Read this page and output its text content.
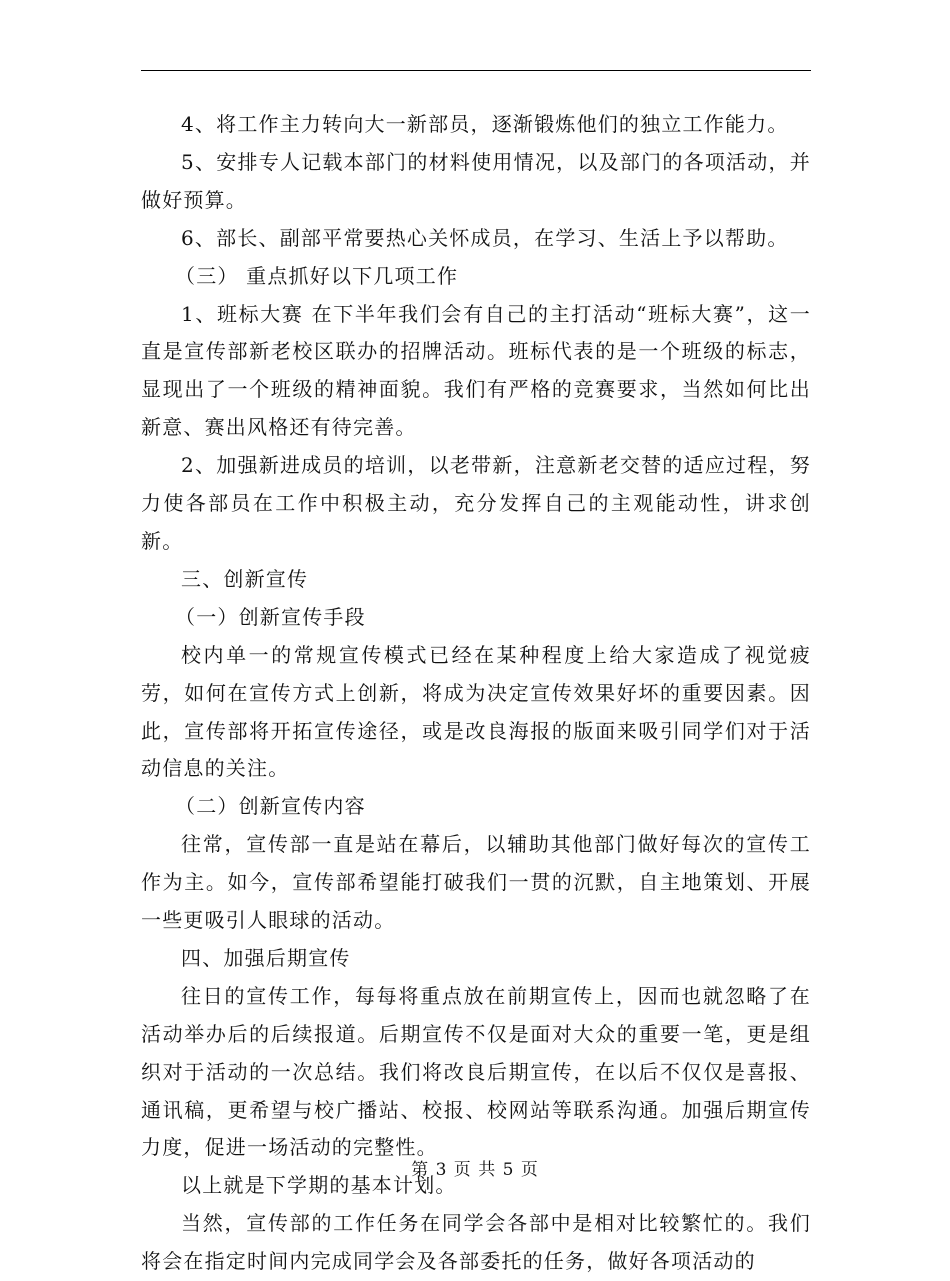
4、将工作主力转向大一新部员，逐渐锻炼他们的独立工作能力。

5、安排专人记载本部门的材料使用情况，以及部门的各项活动，并做好预算。

6、部长、副部平常要热心关怀成员，在学习、生活上予以帮助。

（三） 重点抓好以下几项工作

1、班标大赛 在下半年我们会有自己的主打活动“班标大赛”，这一直是宣传部新老校区联办的招牌活动。班标代表的是一个班级的标志，显现出了一个班级的精神面貌。我们有严格的竞赛要求，当然如何比出新意、赛出风格还有待完善。

2、加强新进成员的培训，以老带新，注意新老交替的适应过程，努力使各部员在工作中积极主动，充分发挥自己的主观能动性，讲求创新。

三、创新宣传

（一）创新宣传手段

校内单一的常规宣传模式已经在某种程度上给大家造成了视觉疲劳，如何在宣传方式上创新，将成为决定宣传效果好坏的重要因素。因此，宣传部将开拓宣传途径，或是改良海报的版面来吸引同学们对于活动信息的关注。

（二）创新宣传内容

往常，宣传部一直是站在幕后，以辅助其他部门做好每次的宣传工作为主。如今，宣传部希望能打破我们一贯的沉默，自主地策划、开展一些更吸引人眼球的活动。

四、加强后期宣传

往日的宣传工作，每每将重点放在前期宣传上，因而也就忽略了在活动举办后的后续报道。后期宣传不仅是面对大众的重要一笔，更是组织对于活动的一次总结。我们将改良后期宣传，在以后不仅仅是喜报、通讯稿，更希望与校广播站、校报、校网站等联系沟通。加强后期宣传力度，促进一场活动的完整性。

以上就是下学期的基本计划。

当然，宣传部的工作任务在同学会各部中是相对比较繁忙的。我们将会在指定时间内完成同学会及各部委托的任务，做好各项活动的

第 3 页 共 5 页
